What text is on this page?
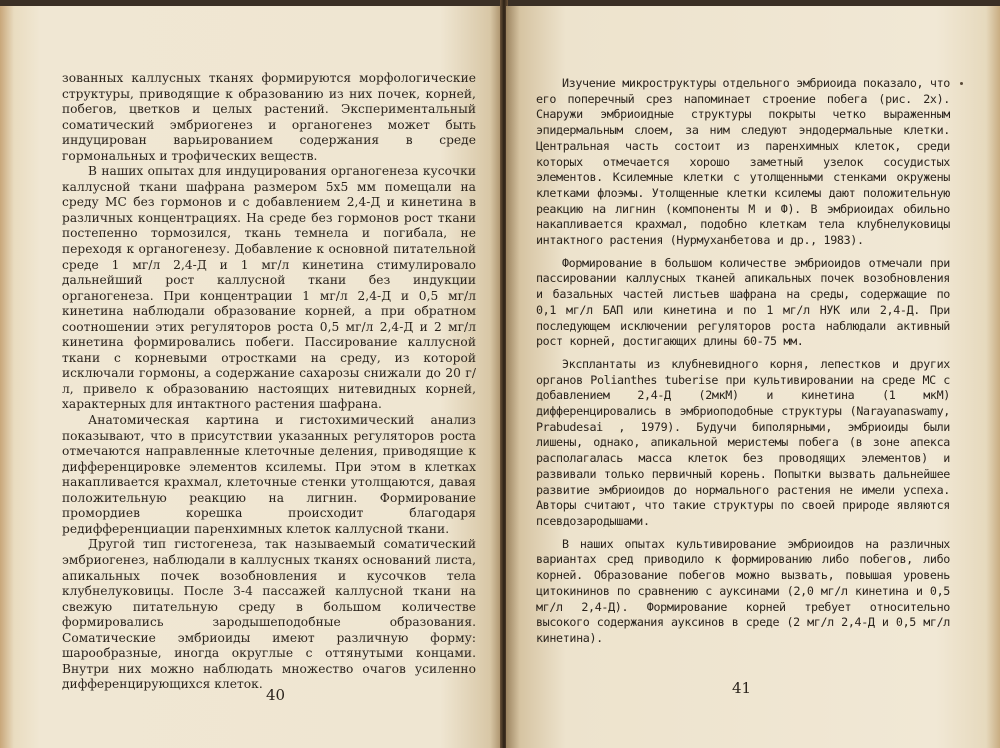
зованных каллусных тканях формируются морфологические структуры, приводящие к образованию из них почек, корней, побегов, цветков и целых растений. Экспериментальный соматический эмбриогенез и органогенез может быть индуцирован варьированием содержания в среде гормональных и трофических веществ.

В наших опытах для индуцирования органогенеза кусочки каллусной ткани шафрана размером 5х5 мм помещали на среду МС без гормонов и с добавлением 2,4-Д и кинетина в различных концентрациях. На среде без гормонов рост ткани постепенно тормозился, ткань темнела и погибала, не переходя к органогенезу. Добавление к основной питательной среде 1 мг/л 2,4-Д и 1 мг/л кинетина стимулировало дальнейший рост каллусной ткани без индукции органогенеза. При концентрации 1 мг/л 2,4-Д и 0,5 мг/л кинетина наблюдали образование корней, а при обратном соотношении этих регуляторов роста 0,5 мг/л 2,4-Д и 2 мг/л кинетина формировались побеги. Пассирование каллусной ткани с корневыми отростками на среду, из которой исключали гормоны, а содержание сахарозы снижали до 20 г/л, привело к образованию настоящих нитевидных корней, характерных для интактного растения шафрана.

Анатомическая картина и гистохимический анализ показывают, что в присутствии указанных регуляторов роста отмечаются направленные клеточные деления, приводящие к дифференцировке элементов ксилемы. При этом в клетках накапливается крахмал, клеточные стенки утолщаются, давая положительную реакцию на лигнин. Формирование промордиев корешка происходит благодаря редифференциации паренхимных клеток каллусной ткани.

Другой тип гистогенеза, так называемый соматический эмбриогенез, наблюдали в каллусных тканях оснований листа, апикальных почек возобновления и кусочков тела клубнелуковицы. После 3-4 пассажей каллусной ткани на свежую питательную среду в большом количестве формировались зародышеподобные образования. Соматические эмбриоиды имеют различную форму: шарообразные, иногда округлые с оттянутыми концами. Внутри них можно наблюдать множество очагов усиленно дифференцирующихся клеток.

40

Изучение микроструктуры отдельного эмбриоида показало, что его поперечный срез напоминает строение побега (рис. 2х). Снаружи эмбриоидные структуры покрыты четко выраженным эпидермальным слоем, за ним следуют эндодермальные клетки. Центральная часть состоит из паренхимных клеток, среди которых отмечается хорошо заметный узелок сосудистых элементов. Ксилемные клетки с утолщенными стенками окружены клетками флоэмы. Утолщенные клетки ксилемы дают положительную реакцию на лигнин (компоненты М и Ф). В эмбриоидах обильно накапливается крахмал, подобно клеткам тела клубнелуковицы интактного растения (Нурмуханбетова и др., 1983).

Формирование в большом количестве эмбриоидов отмечали при пассировании каллусных тканей апикальных почек возобновления и базальных частей листьев шафрана на среды, содержащие по 0,1 мг/л БАП или кинетина и по 1 мг/л НУК или 2,4-Д. При последующем исключении регуляторов роста наблюдали активный рост корней, достигающих длины 60-75 мм.

Эксплантаты из клубневидного корня, лепестков и других органов Polianthes tuberise при культивировании на среде МС с добавлением 2,4-Д (2мкМ) и кинетина (1 мкМ) дифференцировались в эмбриоподобные структуры (Narayanaswamy, Prabudesai , 1979). Будучи биполярными, эмбриоиды были лишены, однако, апикальной меристемы побега (в зоне апекса располагалась масса клеток без проводящих элементов) и развивали только первичный корень. Попытки вызвать дальнейшее развитие эмбриоидов до нормального растения не имели успеха. Авторы считают, что такие структуры по своей природе являются псевдозародышами.

В наших опытах культивирование эмбриоидов на различных вариантах сред приводило к формированию либо побегов, либо корней. Образование побегов можно вызвать, повышая уровень цитокининов по сравнению с ауксинами (2,0 мг/л кинетина и 0,5 мг/л 2,4-Д). Формирование корней требует относительно высокого содержания ауксинов в среде (2 мг/л 2,4-Д и 0,5 мг/л кинетина).

41
